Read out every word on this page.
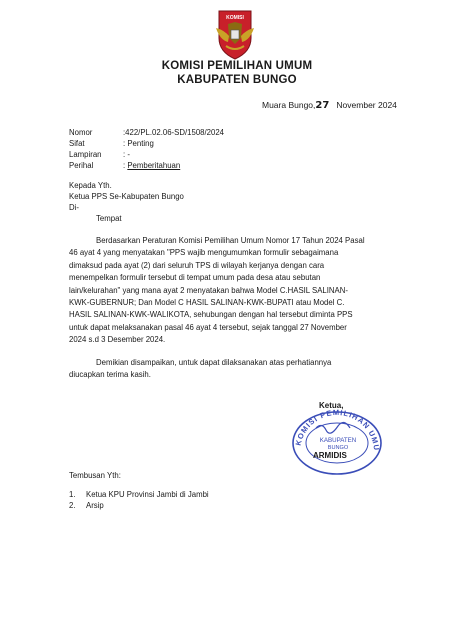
KOMISI
KOMISI PEMILIHAN UMUM
KABUPATEN BUNGO
Muara Bungo,27 November 2024
Nomor	:422/PL.02.06-SD/1508/2024
Sifat	: Penting
Lampiran	: -
Perihal	: Pemberitahuan
Kepada Yth.
Ketua PPS Se-Kabupaten Bungo
Di-
Tempat

Berdasarkan Peraturan Komisi Pemilihan Umum Nomor 17 Tahun 2024 Pasal

46 ayat 4 yang menyatakan "PPS wajib mengumumkan formulir sebagaimana

dimaksud pada ayat (2) dari seluruh TPS di wilayah kerjanya dengan cara

menempelkan formulir tersebut di tempat umum pada desa atau sebutan

lain/kelurahan" yang mana ayat 2 menyatakan bahwa Model C.HASIL SALINAN-

KWK-GUBERNUR; Dan Model C HASIL SALINAN-KWK-BUPATI atau Model C.

HASIL SALINAN-KWK-WALIKOTA, sehubungan dengan hal tersebut diminta PPS

untuk dapat melaksanakan pasal 46 ayat 4 tersebut, sejak tanggal 27 November

2024 s.d 3 Desember 2024.

Demikian disampaikan, untuk dapat dilaksanakan atas perhatiannya

diucapkan terima kasih.

KOMISI PEMILIHAN UMU
KABUPATEN
BUNGO
Ketua,
ARMIDIS
Tembusan Yth:
1. Ketua KPU Provinsi Jambi di Jambi
2. Arsip
